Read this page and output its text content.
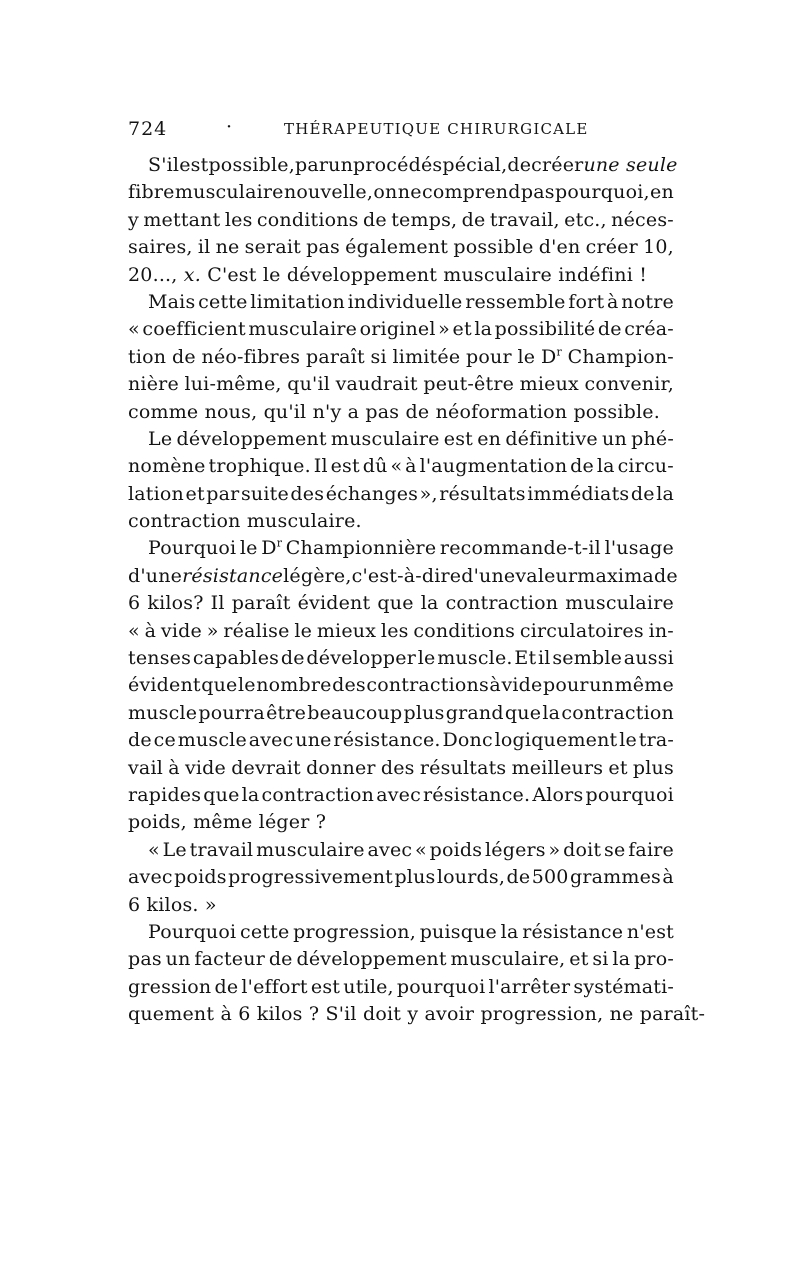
724	·	THÉRAPEUTIQUE CHIRURGICALE
S'il est possible, par un procédé spécial, de créer une seule
fibre musculaire nouvelle, on ne comprend pas pourquoi, en
y mettant les conditions de temps, de travail, etc., néces-
saires, il ne serait pas également possible d'en créer 10,
20..., x. C'est le développement musculaire indéfini !
Mais cette limitation individuelle ressemble fort à notre
« coefficient musculaire originel » et la possibilité de créa-
tion de néo-fibres paraît si limitée pour le $D^r$ Champion-
nière lui-même, qu'il vaudrait peut-être mieux convenir,
comme nous, qu'il n'y a pas de néoformation possible.
Le développement musculaire est en définitive un phé-
nomène trophique. Il est dû « à l'augmentation de la circu-
lation et par suite des échanges », résultats immédiats de la
contraction musculaire.
Pourquoi le $D^r$ Championnière recommande-t-il l'usage
d'une résistance légère, c'est-à-dire d'une valeur maxima de
6 kilos? Il paraît évident que la contraction musculaire
« à vide » réalise le mieux les conditions circulatoires in-
tenses capables de développer le muscle. Et il semble aussi
évident que le nombre des contractions à vide pour un même
muscle pourra être beaucoup plus grand que la contraction
de ce muscle avec une résistance. Donc logiquement le tra-
vail à vide devrait donner des résultats meilleurs et plus
rapides que la contraction avec résistance. Alors pourquoi
poids, même léger ?
« Le travail musculaire avec « poids légers » doit se faire
avec poids progressivement plus lourds, de 500 grammes à
6 kilos. »
Pourquoi cette progression, puisque la résistance n'est
pas un facteur de développement musculaire, et si la pro-
gression de l'effort est utile, pourquoi l'arrêter systémati-
quement à 6 kilos ? S'il doit y avoir progression, ne paraît-
